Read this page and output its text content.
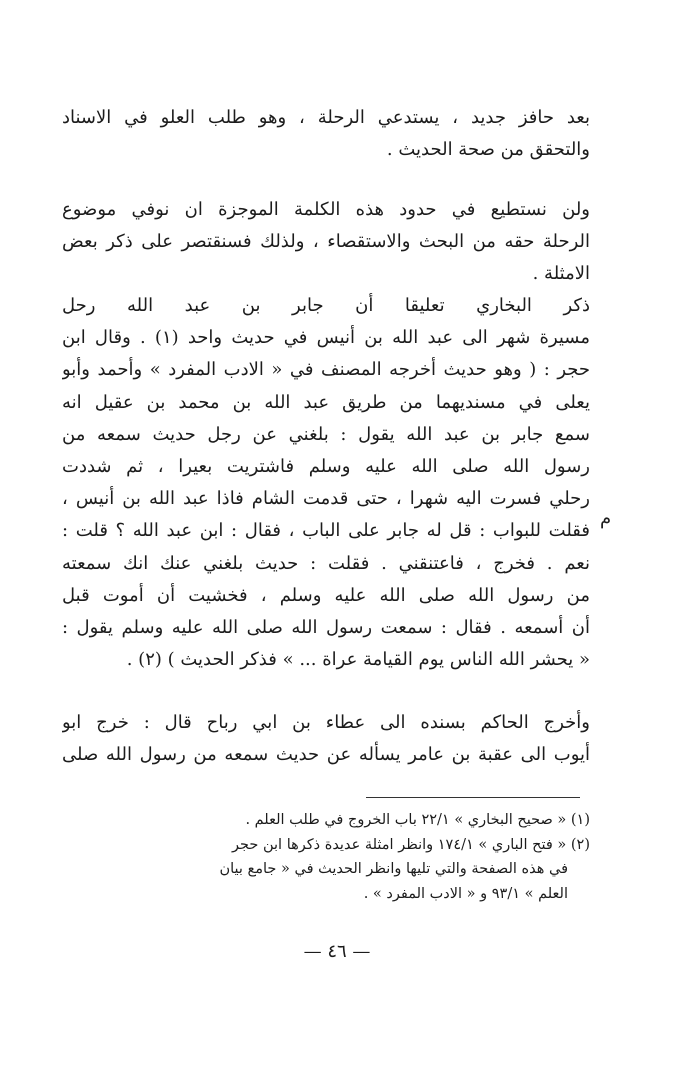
بعد حافز جديد ، يستدعي الرحلة ، وهو طلب العلو في الاسناد
والتحقق من صحة الحديث .

ولن نستطيع في حدود هذه الكلمة الموجزة ان نوفي موضوع
الرحلة حقه من البحث والاستقصاء ، ولذلك فسنقتصر على ذكر بعض
الامثلة .

ذكر البخاري تعليقا أن جابر بن عبد الله رحل
مسيرة شهر الى عبد الله بن أنيس في حديث واحد (١) . وقال ابن
حجر : ( وهو حديث أخرجه المصنف في « الادب المفرد » وأحمد وأبو
يعلى في مسنديهما من طريق عبد الله بن محمد بن عقيل انه
سمع جابر بن عبد الله يقول : بلغني عن رجل حديث سمعه من
رسول الله صلى الله عليه وسلم فاشتريت بعيرا ، ثم شددت
رحلي فسرت اليه شهرا ، حتى قدمت الشام فاذا عبد الله بن أنيس ،
فقلت للبواب : قل له جابر على الباب ، فقال : ابن عبد الله ؟ قلت :
نعم . فخرج ، فاعتنقني . فقلت : حديث بلغني عنك انك سمعته
من رسول الله صلى الله عليه وسلم ، فخشيت أن أموت قبل
أن أسمعه . فقال : سمعت رسول الله صلى الله عليه وسلم يقول :
« يحشر الله الناس يوم القيامة عراة ... » فذكر الحديث ) (٢) .

وأخرج الحاكم بسنده الى عطاء بن ابي رباح قال : خرج ابو
أيوب الى عقبة بن عامر يسأله عن حديث سمعه من رسول الله صلى

م
(١) « صحيح البخاري » ٢٢/١ باب الخروج في طلب العلم .
(٢) « فتح الباري » ١٧٤/١ وانظر امثلة عديدة ذكرها ابن حجر
في هذه الصفحة والتي تليها وانظر الحديث في « جامع بيان
العلم » ٩٣/١ و « الادب المفرد » .
— ٤٦ —
